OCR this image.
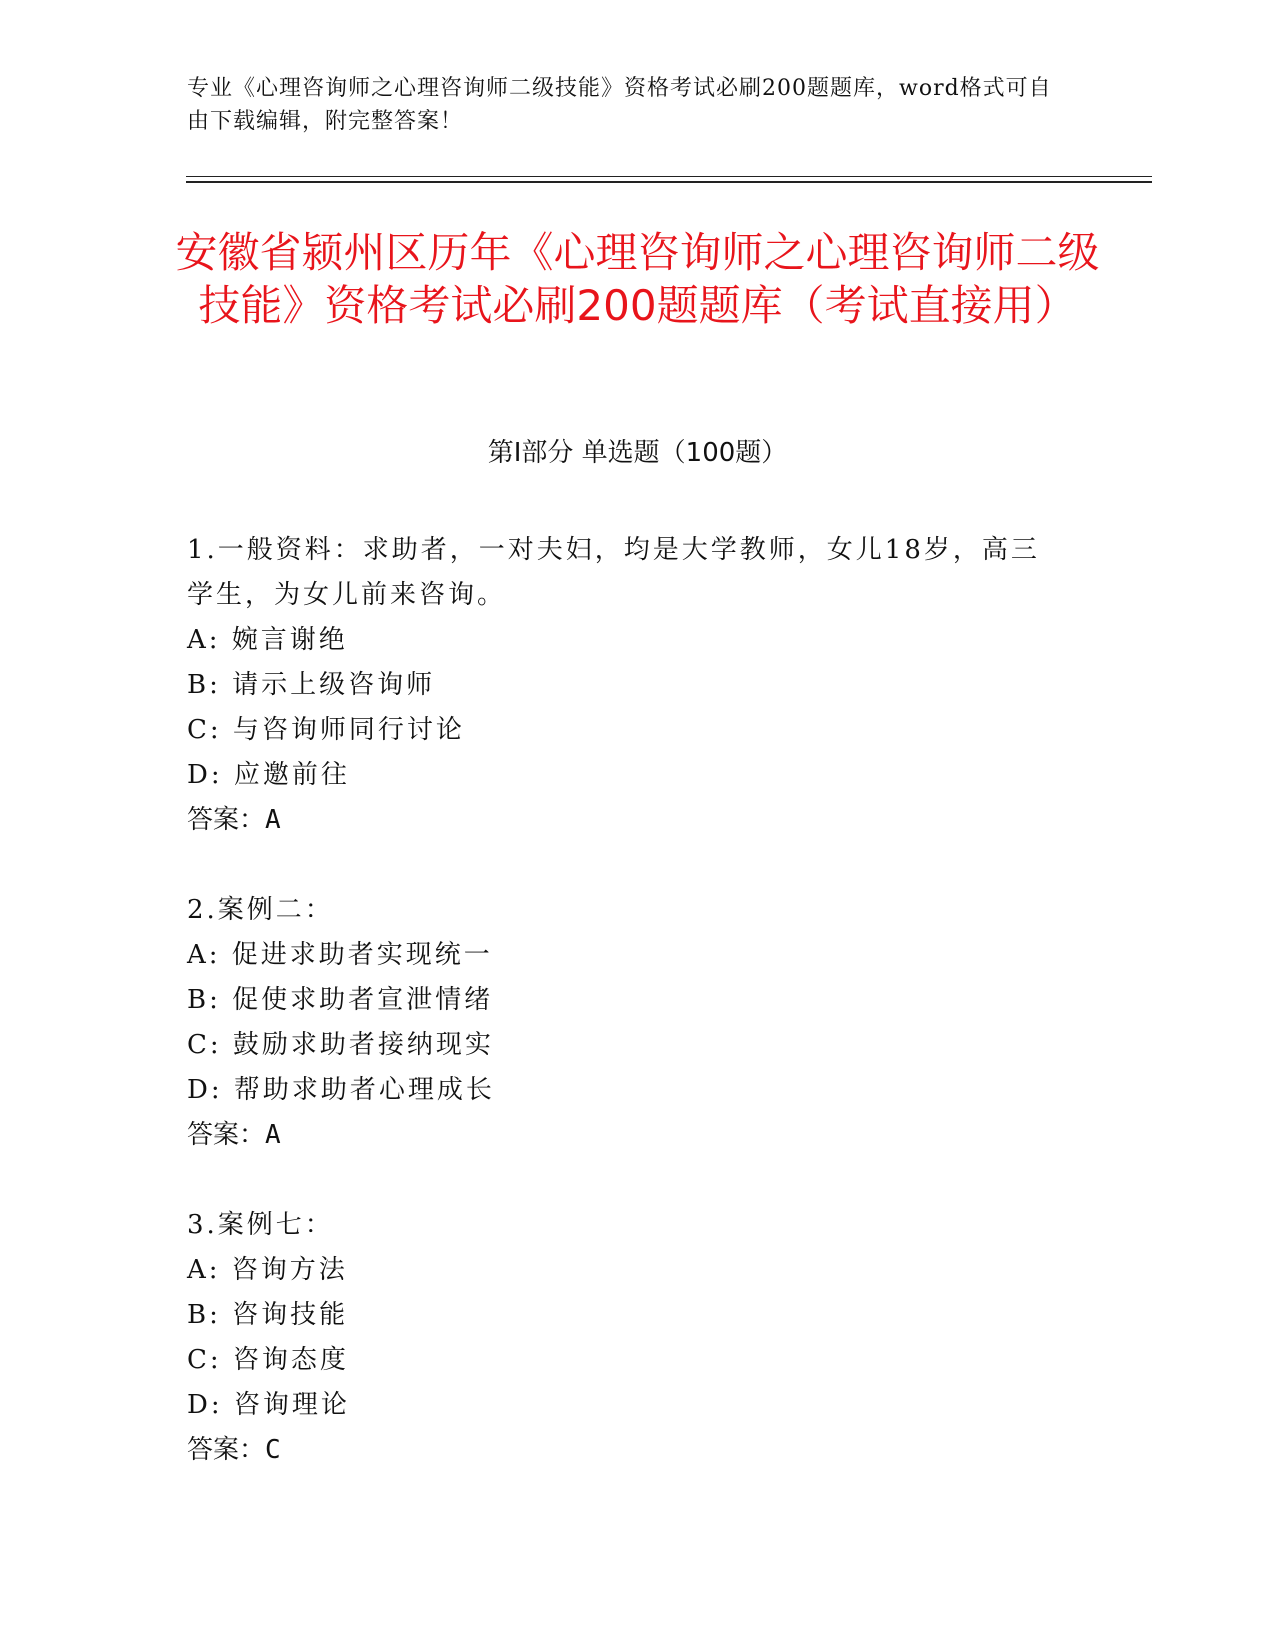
专业《心理咨询师之心理咨询师二级技能》资格考试必刷200题题库，word格式可自由下载编辑，附完整答案！
安徽省颍州区历年《心理咨询师之心理咨询师二级技能》资格考试必刷200题题库（考试直接用）
第Ⅰ部分 单选题（100题）
1.一般资料：求助者，一对夫妇，均是大学教师，女儿18岁，高三学生，为女儿前来咨询。
A: 婉言谢绝
B: 请示上级咨询师
C: 与咨询师同行讨论
D: 应邀前往
答案：A
2.案例二：
A: 促进求助者实现统一
B: 促使求助者宣泄情绪
C: 鼓励求助者接纳现实
D: 帮助求助者心理成长
答案：A
3.案例七：
A: 咨询方法
B: 咨询技能
C: 咨询态度
D: 咨询理论
答案：C
